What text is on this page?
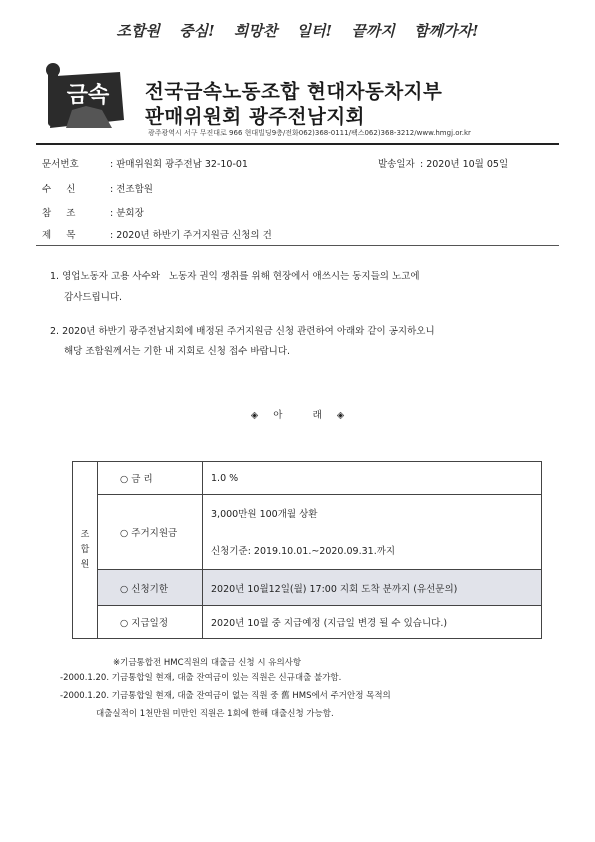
조합원 중심! 희망찬 일터! 끝까지 함께가자!
금속 전국금속노동조합 현대자동차지부
판매위원회 광주전남지회
광주광역시 서구 무진대로 966 현대빌딩9층/전화062)368-0111/팩스062)368-3212/www.hmgj.or.kr
문서번호	: 판매위원회 광주전남 32-10-01	발송일자 : 2020년 10월 05일
수     신	: 전조합원
참     조	: 분회장
제     목	: 2020년 하반기 주거지원금 신청의 건
1. 영업노동자 고용 사수와   노동자 권익 쟁취를 위해 현장에서 애쓰시는 동지들의 노고에
감사드립니다.
2. 2020년 하반기 광주전남지회에 배정된 주거지원금 신청 관련하여 아래와 같이 공지하오니
해당 조합원께서는 기한 내 지회로 신청 접수 바랍니다.
◈     아          래     ◈
조
합
원	○ 금 리	1.0 %
	○ 주거지원금	3,000만원 100개월 상환
		신청기준: 2019.10.01.~2020.09.31.까지
	○ 신청기한	2020년 10월12일(월) 17:00 지회 도착 분까지 (유선문의)
	○ 지급일정	2020년 10월 중 지급예정 (지급일 변경 될 수 있습니다.)
※기금통합전 HMC직원의 대출금 신청 시 유의사항
-2000.1.20. 기금통합일 현재, 대출 잔여금이 있는 직원은 신규대출 불가함.
-2000.1.20. 기금통합일 현재, 대출 잔여금이 없는 직원 중 舊 HMS에서 주거안정 목적의
대출실적이 1천만원 미만인 직원은 1회에 한해 대출신청 가능함.
